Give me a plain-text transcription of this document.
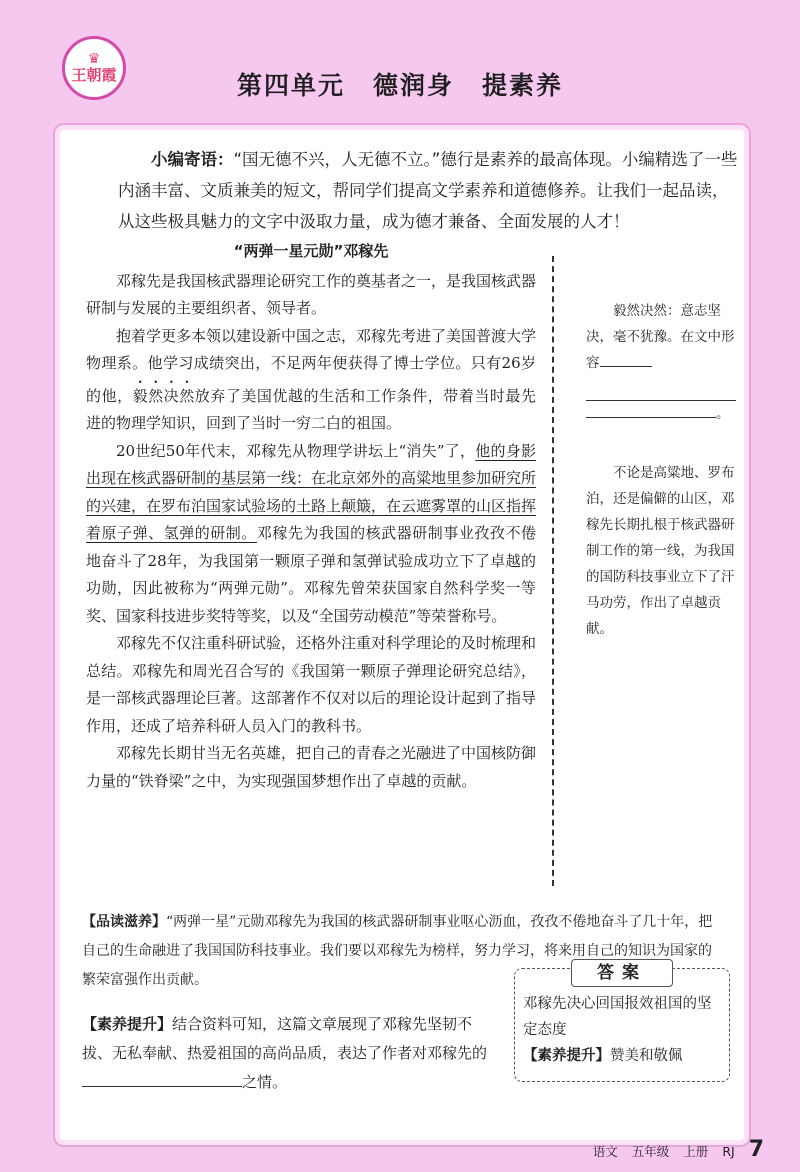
♛
王朝霞	第四单元 德润身 提素养

小编寄语：“国无德不兴，人无德不立。”德行是素养的最高体现。小编精选了一些内涵丰富、文质兼美的短文，帮同学们提高文学素养和道德修养。让我们一起品读，从这些极具魅力的文字中汲取力量，成为德才兼备、全面发展的人才！

“两弹一星元勋”邓稼先

邓稼先是我国核武器理论研究工作的奠基者之一，是我国核武器研制与发展的主要组织者、领导者。

抱着学更多本领以建设新中国之志，邓稼先考进了美国普渡大学物理系。他学习成绩突出，不足两年便获得了博士学位。只有26岁的他，毅然决然放弃了美国优越的生活和工作条件，带着当时最先进的物理学知识，回到了当时一穷二白的祖国。

20世纪50年代末，邓稼先从物理学讲坛上“消失”了，他的身影出现在核武器研制的基层第一线：在北京郊外的高粱地里参加研究所的兴建，在罗布泊国家试验场的土路上颠簸，在云遮雾罩的山区指挥着原子弹、氢弹的研制。邓稼先为我国的核武器研制事业孜孜不倦地奋斗了28年，为我国第一颗原子弹和氢弹试验成功立下了卓越的功勋，因此被称为“两弹元勋”。邓稼先曾荣获国家自然科学奖一等奖、国家科技进步奖特等奖，以及“全国劳动模范”等荣誉称号。

邓稼先不仅注重科研试验，还格外注重对科学理论的及时梳理和总结。邓稼先和周光召合写的《我国第一颗原子弹理论研究总结》，是一部核武器理论巨著。这部著作不仅对以后的理论设计起到了指导作用，还成了培养科研人员入门的教科书。

邓稼先长期甘当无名英雄，把自己的青春之光融进了中国核防御力量的“铁脊梁”之中，为实现强国梦想作出了卓越的贡献。

毅然决然：意志坚决，毫不犹豫。在文中形容
。

不论是高粱地、罗布泊，还是偏僻的山区，邓稼先长期扎根于核武器研制工作的第一线，为我国的国防科技事业立下了汗马功劳，作出了卓越贡献。

【品读滋养】“两弹一星”元勋邓稼先为我国的核武器研制事业呕心沥血，孜孜不倦地奋斗了几十年，把自己的生命融进了我国国防科技事业。我们要以邓稼先为榜样，努力学习，将来用自己的知识为国家的繁荣富强作出贡献。

【素养提升】结合资料可知，这篇文章展现了邓稼先坚韧不拔、无私奉献、热爱祖国的高尚品质，表达了作者对邓稼先的之情。

答案

邓稼先决心回国报效祖国的坚定态度

【素养提升】赞美和敬佩

语文 五年级 上册 RJ 7
